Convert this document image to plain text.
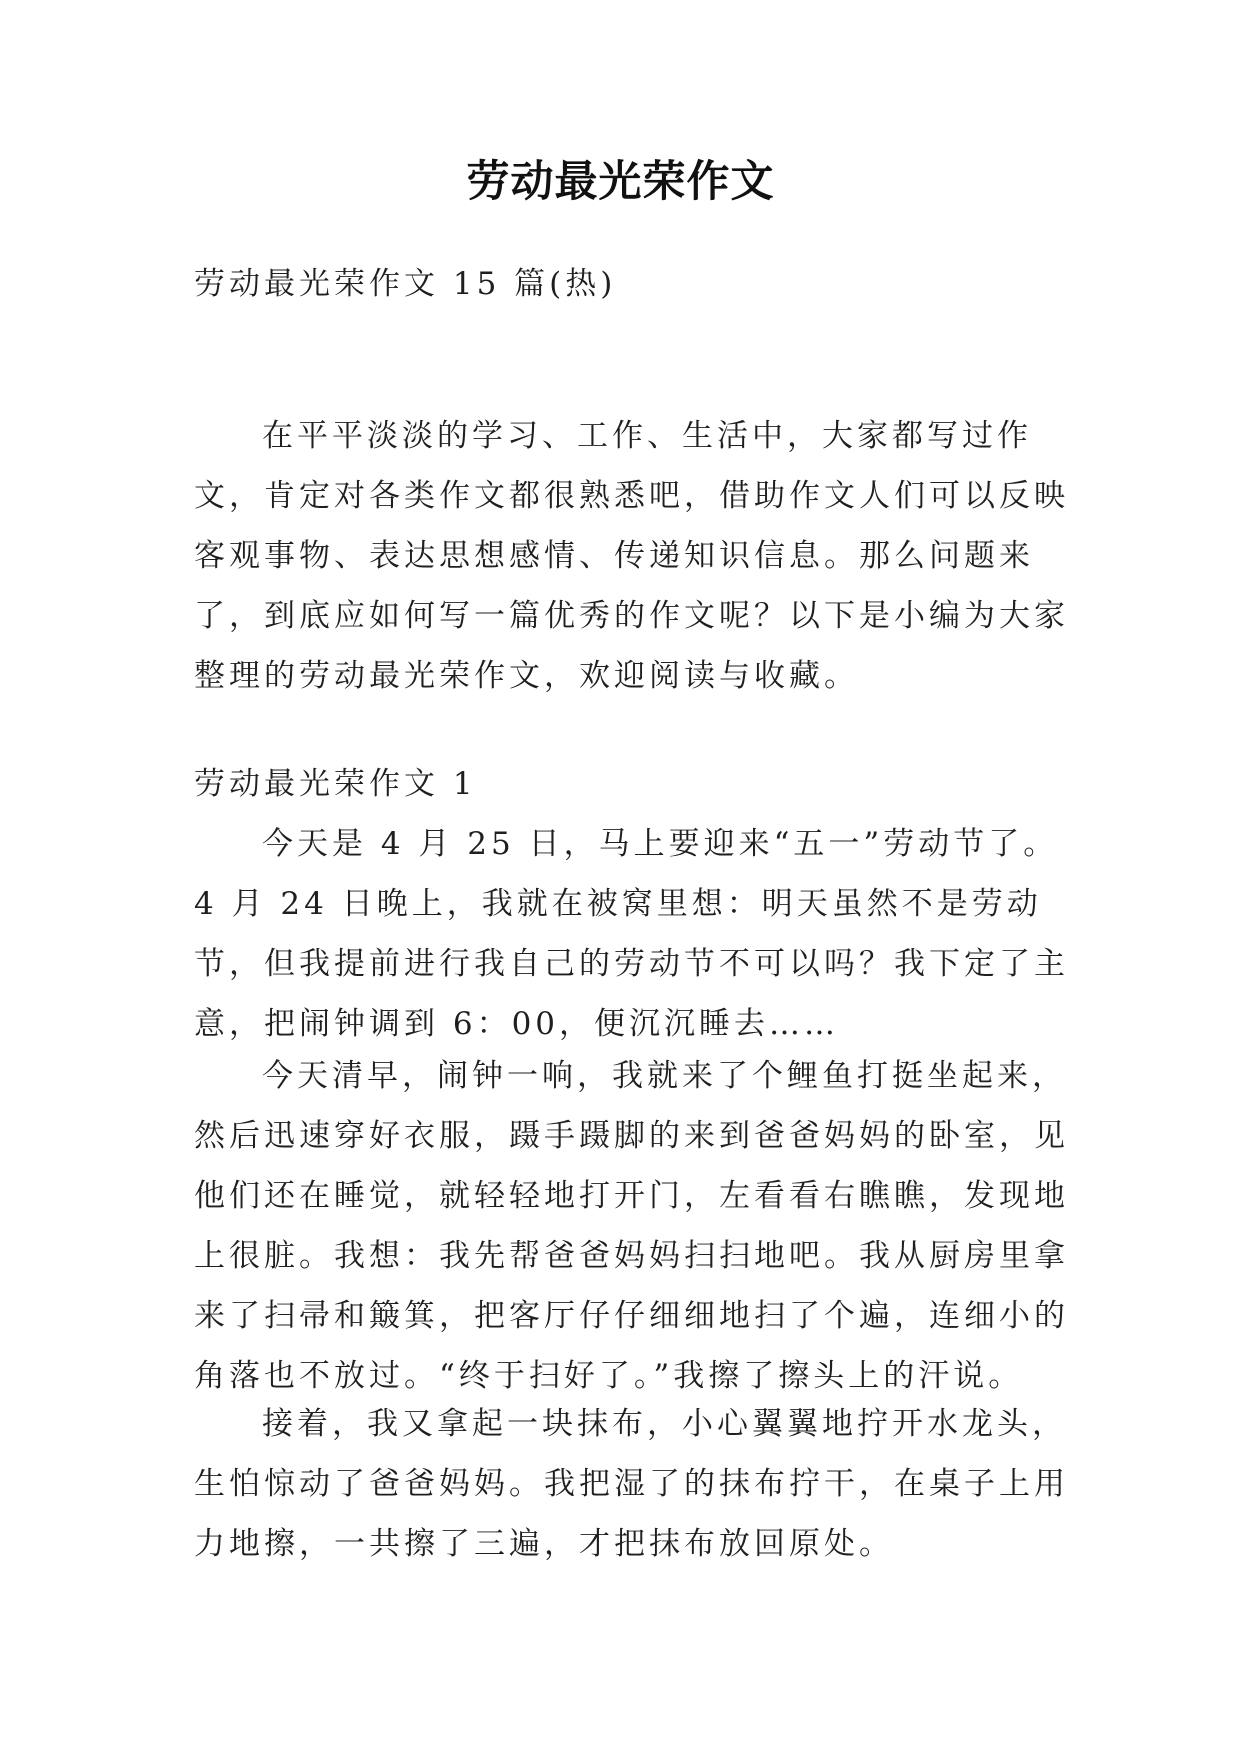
劳动最光荣作文
劳动最光荣作文 15 篇(热)
在平平淡淡的学习、工作、生活中，大家都写过作文，肯定对各类作文都很熟悉吧，借助作文人们可以反映客观事物、表达思想感情、传递知识信息。那么问题来了，到底应如何写一篇优秀的作文呢？以下是小编为大家整理的劳动最光荣作文，欢迎阅读与收藏。
劳动最光荣作文 1
今天是 4 月 25 日，马上要迎来“五一”劳动节了。4 月 24 日晚上，我就在被窝里想：明天虽然不是劳动节，但我提前进行我自己的劳动节不可以吗？我下定了主意，把闹钟调到 6：00，便沉沉睡去……
今天清早，闹钟一响，我就来了个鲤鱼打挺坐起来，然后迅速穿好衣服，蹑手蹑脚的来到爸爸妈妈的卧室，见他们还在睡觉，就轻轻地打开门，左看看右瞧瞧，发现地上很脏。我想：我先帮爸爸妈妈扫扫地吧。我从厨房里拿来了扫帚和簸箕，把客厅仔仔细细地扫了个遍，连细小的角落也不放过。“终于扫好了。”我擦了擦头上的汗说。
接着，我又拿起一块抹布，小心翼翼地拧开水龙头，生怕惊动了爸爸妈妈。我把湿了的抹布拧干，在桌子上用力地擦，一共擦了三遍，才把抹布放回原处。
